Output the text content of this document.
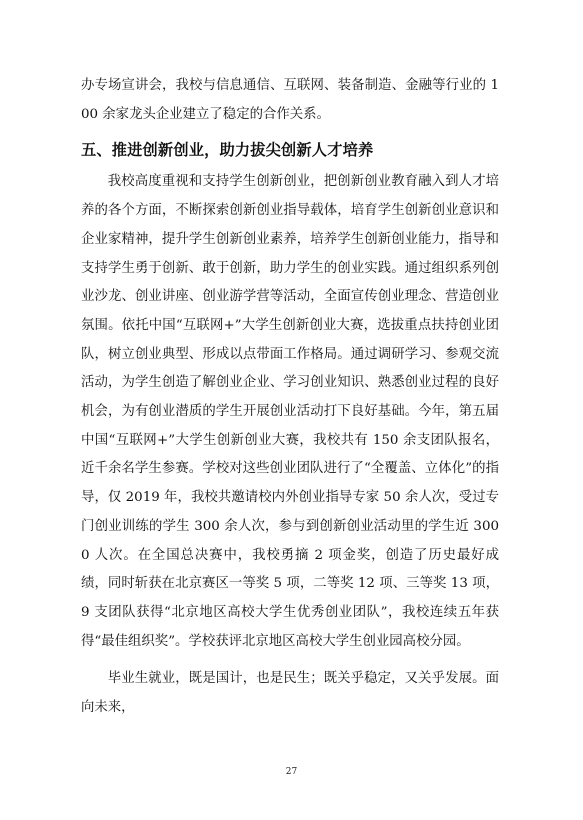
办专场宣讲会，我校与信息通信、互联网、装备制造、金融等行业的 100 余家龙头企业建立了稳定的合作关系。

五、推进创新创业，助力拔尖创新人才培养

我校高度重视和支持学生创新创业，把创新创业教育融入到人才培养的各个方面，不断探索创新创业指导载体，培育学生创新创业意识和企业家精神，提升学生创新创业素养，培养学生创新创业能力，指导和支持学生勇于创新、敢于创新，助力学生的创业实践。通过组织系列创业沙龙、创业讲座、创业游学营等活动，全面宣传创业理念、营造创业氛围。依托中国“互联网+”大学生创新创业大赛，选拔重点扶持创业团队，树立创业典型、形成以点带面工作格局。通过调研学习、参观交流活动，为学生创造了解创业企业、学习创业知识、熟悉创业过程的良好机会，为有创业潜质的学生开展创业活动打下良好基础。今年，第五届中国“互联网+”大学生创新创业大赛，我校共有 150 余支团队报名，近千余名学生参赛。学校对这些创业团队进行了“全覆盖、立体化”的指导，仅 2019 年，我校共邀请校内外创业指导专家 50 余人次，受过专门创业训练的学生 300 余人次，参与到创新创业活动里的学生近 3000 人次。在全国总决赛中，我校勇摘 2 项金奖，创造了历史最好成绩，同时斩获在北京赛区一等奖 5 项，二等奖 12 项、三等奖 13 项，9 支团队获得“北京地区高校大学生优秀创业团队”，我校连续五年获得“最佳组织奖”。学校获评北京地区高校大学生创业园高校分园。

毕业生就业，既是国计，也是民生；既关乎稳定，又关乎发展。面向未来，

27
